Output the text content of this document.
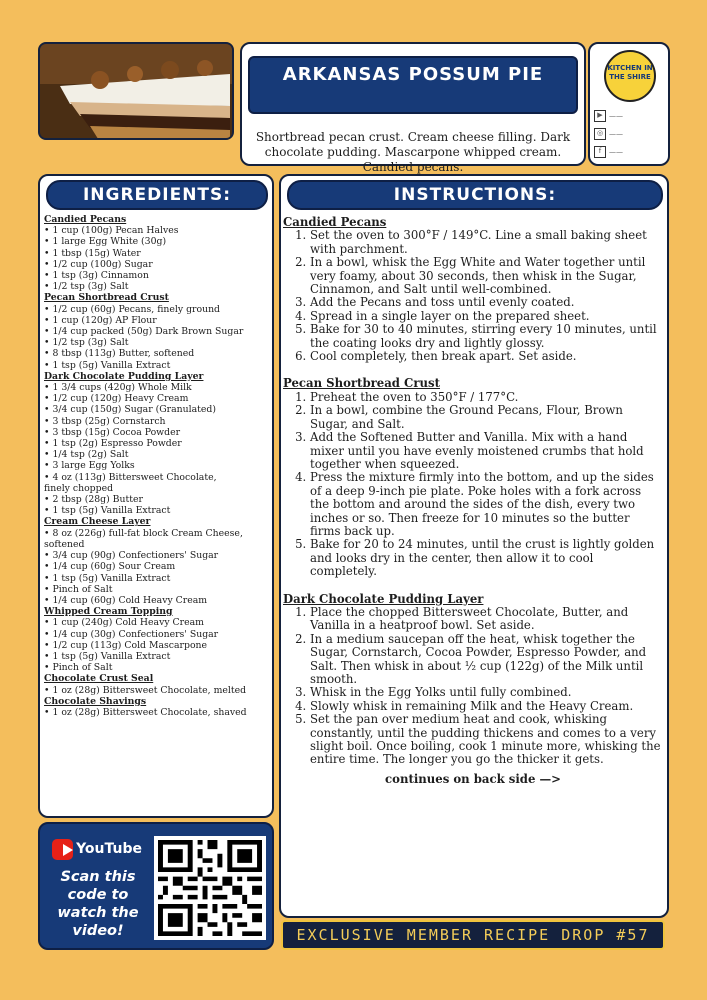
ARKANSAS POSSUM PIE
Shortbread pecan crust. Cream cheese filling. Dark chocolate pudding. Mascarpone whipped cream. Candied pecans.
KITCHEN IN THE SHIRE
▶ ——
◎ ——
f	——
INGREDIENTS:
Candied Pecans
• 1 cup (100g) Pecan Halves
• 1 large Egg White (30g)
• 1 tbsp (15g) Water
• 1/2 cup (100g) Sugar
• 1 tsp (3g) Cinnamon
• 1/2 tsp (3g) Salt
Pecan Shortbread Crust
• 1/2 cup (60g) Pecans, finely ground
• 1 cup (120g) AP Flour
• 1/4 cup packed (50g) Dark Brown Sugar
• 1/2 tsp (3g) Salt
• 8 tbsp (113g) Butter, softened
• 1 tsp (5g) Vanilla Extract
Dark Chocolate Pudding Layer
• 1 3/4 cups (420g) Whole Milk
• 1/2 cup (120g) Heavy Cream
• 3/4 cup (150g) Sugar (Granulated)
• 3 tbsp (25g) Cornstarch
• 3 tbsp (15g) Cocoa Powder
• 1 tsp (2g) Espresso Powder
• 1/4 tsp (2g) Salt
• 3 large Egg Yolks
• 4 oz (113g) Bittersweet Chocolate,
finely chopped
• 2 tbsp (28g) Butter
• 1 tsp (5g) Vanilla Extract
Cream Cheese Layer
• 8 oz (226g) full-fat block Cream Cheese,
softened
• 3/4 cup (90g) Confectioners' Sugar
• 1/4 cup (60g) Sour Cream
• 1 tsp (5g) Vanilla Extract
• Pinch of Salt
• 1/4 cup (60g) Cold Heavy Cream
Whipped Cream Topping
• 1 cup (240g) Cold Heavy Cream
• 1/4 cup (30g) Confectioners' Sugar
• 1/2 cup (113g) Cold Mascarpone
• 1 tsp (5g) Vanilla Extract
• Pinch of Salt
Chocolate Crust Seal
• 1 oz (28g) Bittersweet Chocolate, melted
Chocolate Shavings
• 1 oz (28g) Bittersweet Chocolate, shaved
YouTube
Scan this code to watch the video!
INSTRUCTIONS:
Candied Pecans
1. Set the oven to 300°F / 149°C. Line a small baking sheet with parchment.
2. In a bowl, whisk the Egg White and Water together until very foamy, about 30 seconds, then whisk in the Sugar, Cinnamon, and Salt until well-combined.
3. Add the Pecans and toss until evenly coated.
4. Spread in a single layer on the prepared sheet.
5. Bake for 30 to 40 minutes, stirring every 10 minutes, until the coating looks dry and lightly glossy.
6. Cool completely, then break apart. Set aside.
Pecan Shortbread Crust
1. Preheat the oven to 350°F / 177°C.
2. In a bowl, combine the Ground Pecans, Flour, Brown Sugar, and Salt.
3. Add the Softened Butter and Vanilla. Mix with a hand mixer until you have evenly moistened crumbs that hold together when squeezed.
4. Press the mixture firmly into the bottom, and up the sides of a deep 9-inch pie plate. Poke holes with a fork across the bottom and around the sides of the dish, every two inches or so. Then freeze for 10 minutes so the butter firms back up.
5. Bake for 20 to 24 minutes, until the crust is lightly golden and looks dry in the center, then allow it to cool completely.
Dark Chocolate Pudding Layer
1. Place the chopped Bittersweet Chocolate, Butter, and Vanilla in a heatproof bowl. Set aside.
2. In a medium saucepan off the heat, whisk together the Sugar, Cornstarch, Cocoa Powder, Espresso Powder, and Salt. Then whisk in about ½ cup (122g) of the Milk until smooth.
3. Whisk in the Egg Yolks until fully combined.
4. Slowly whisk in remaining Milk and the Heavy Cream.
5. Set the pan over medium heat and cook, whisking constantly, until the pudding thickens and comes to a very slight boil. Once boiling, cook 1 minute more, whisking the entire time. The longer you go the thicker it gets.
continues on back side —>
EXCLUSIVE MEMBER RECIPE DROP #57
